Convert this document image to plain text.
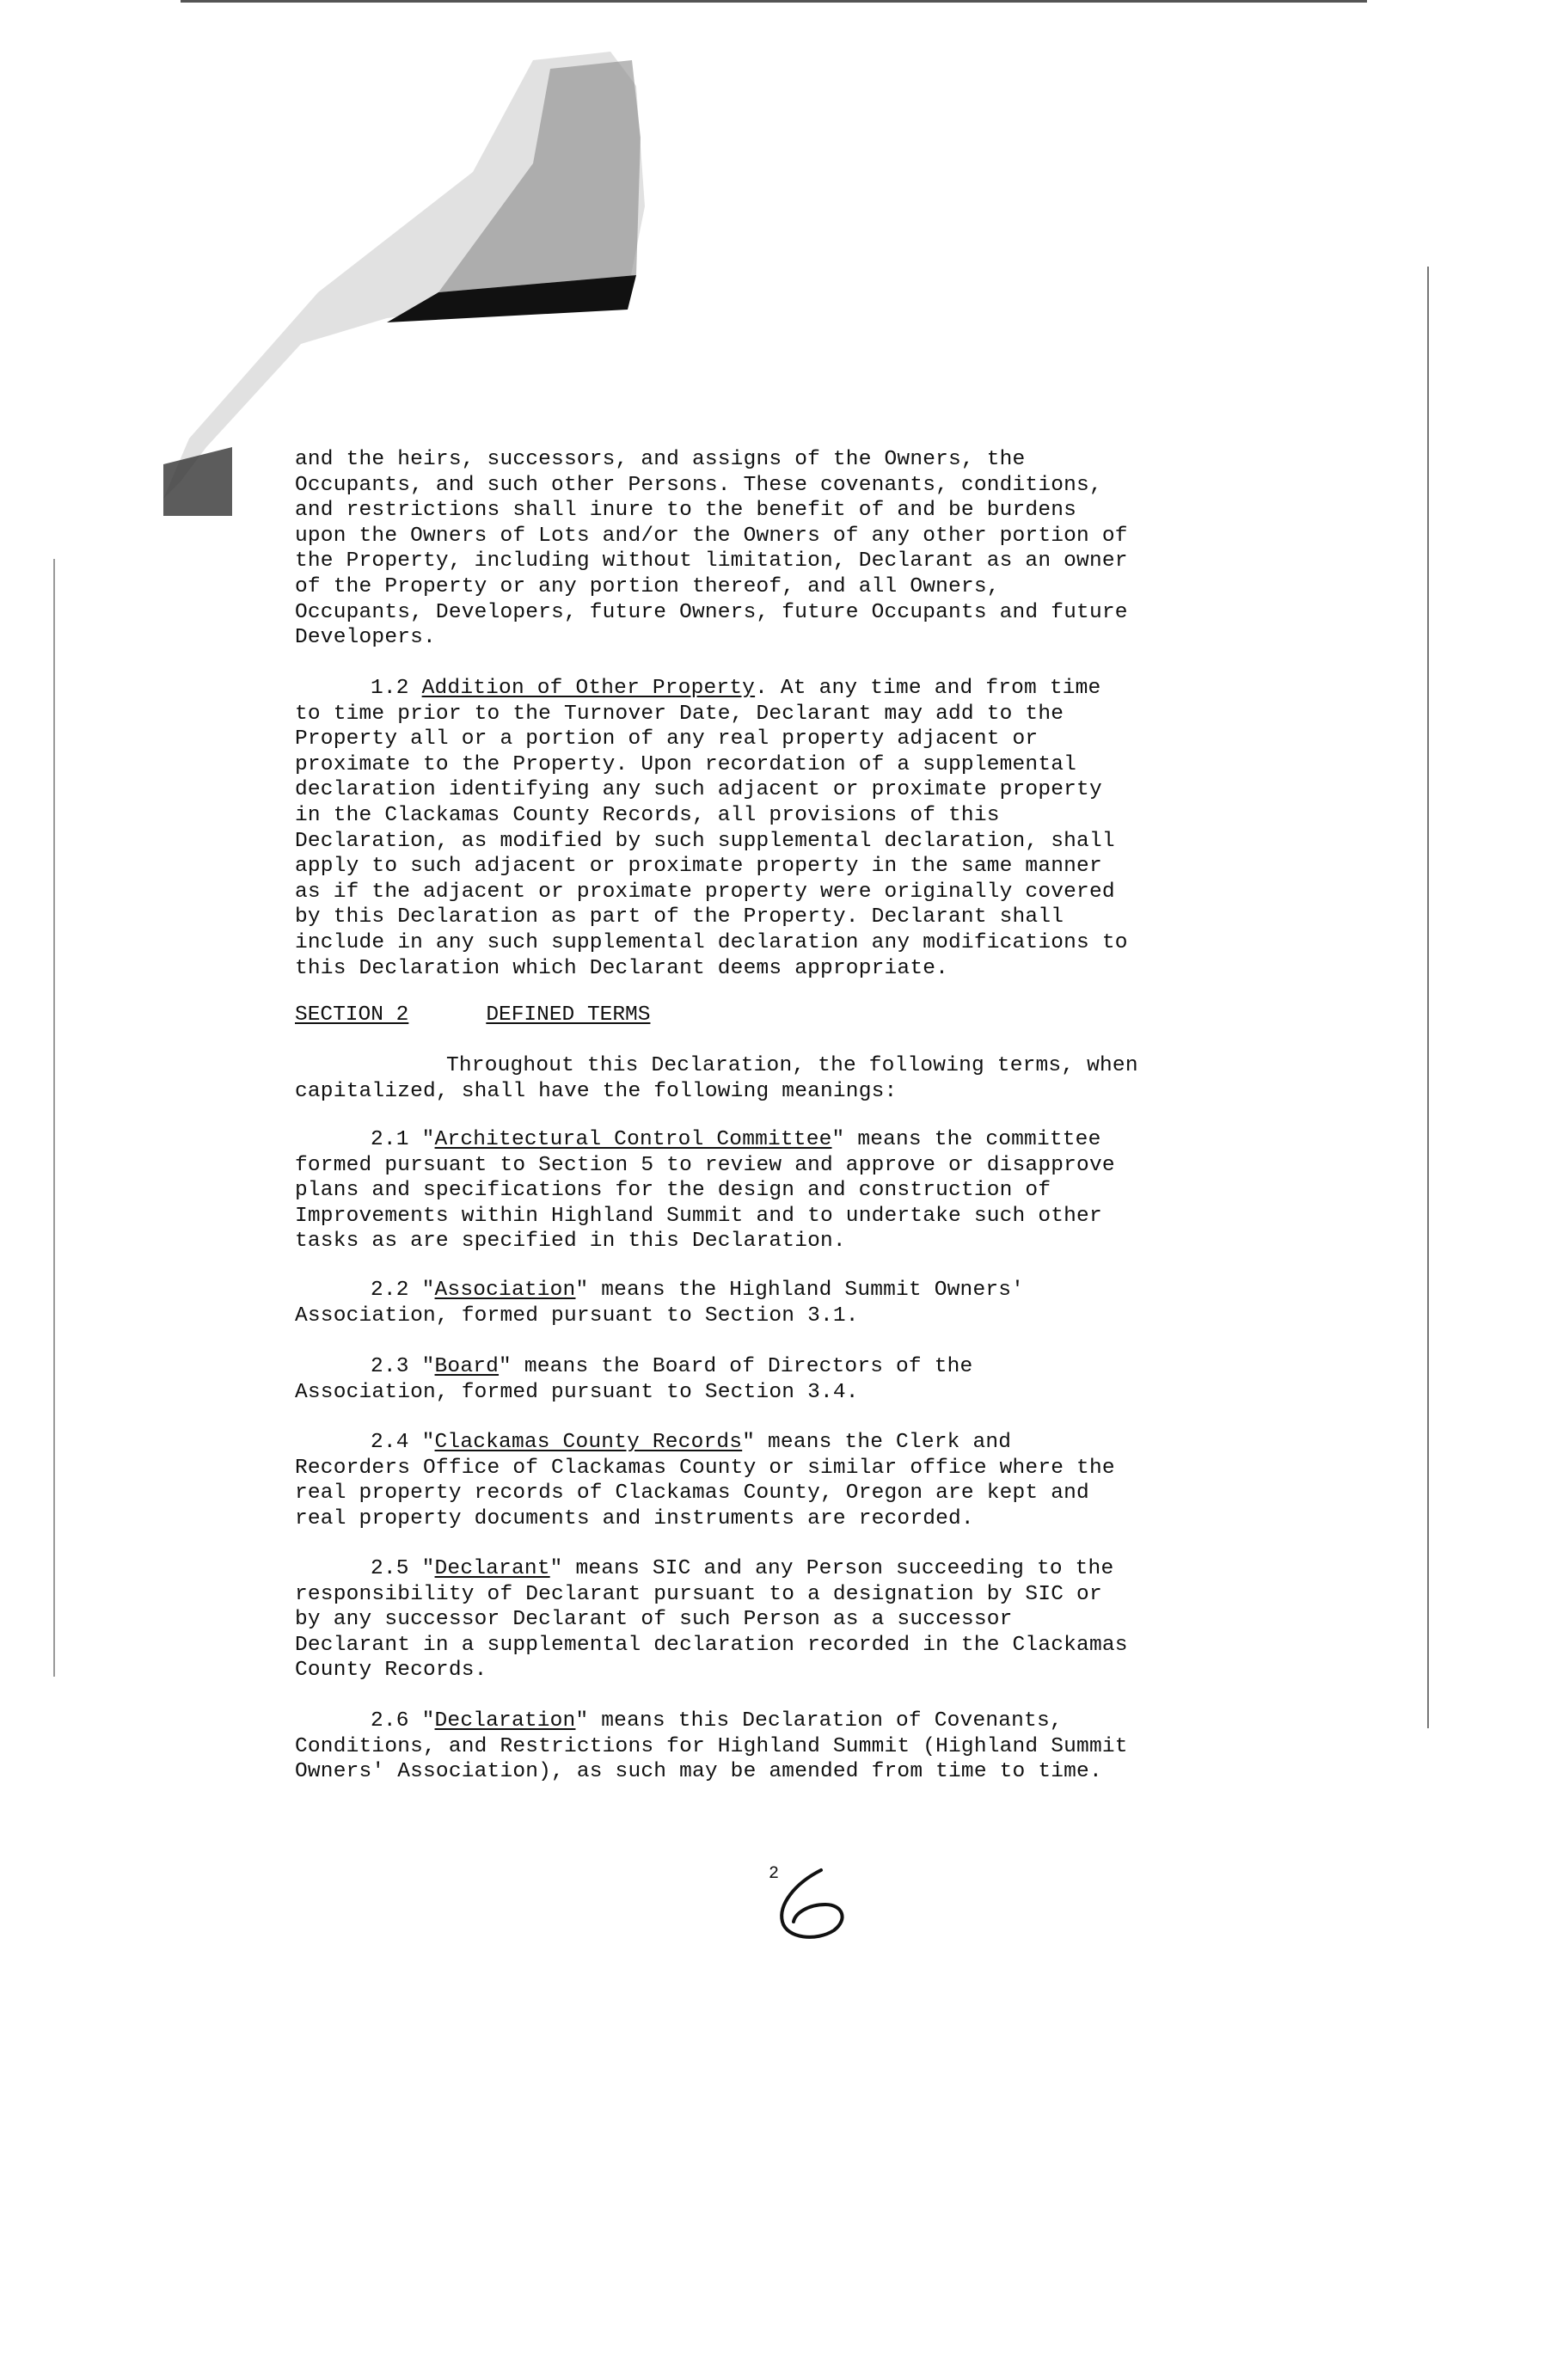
and the heirs, successors, and assigns of the Owners, the
Occupants, and such other Persons. These covenants, conditions,
and restrictions shall inure to the benefit of and be burdens
upon the Owners of Lots and/or the Owners of any other portion of
the Property, including without limitation, Declarant as an owner
of the Property or any portion thereof, and all Owners,
Occupants, Developers, future Owners, future Occupants and future
Developers.
1.2 Addition of Other Property. At any time and from time
to time prior to the Turnover Date, Declarant may add to the
Property all or a portion of any real property adjacent or
proximate to the Property. Upon recordation of a supplemental
declaration identifying any such adjacent or proximate property
in the Clackamas County Records, all provisions of this
Declaration, as modified by such supplemental declaration, shall
apply to such adjacent or proximate property in the same manner
as if the adjacent or proximate property were originally covered
by this Declaration as part of the Property. Declarant shall
include in any such supplemental declaration any modifications to
this Declaration which Declarant deems appropriate.
SECTION 2	DEFINED TERMS
Throughout this Declaration, the following terms, when
capitalized, shall have the following meanings:
2.1 "Architectural Control Committee" means the committee
formed pursuant to Section 5 to review and approve or disapprove
plans and specifications for the design and construction of
Improvements within Highland Summit and to undertake such other
tasks as are specified in this Declaration.
2.2 "Association" means the Highland Summit Owners'
Association, formed pursuant to Section 3.1.
2.3 "Board" means the Board of Directors of the
Association, formed pursuant to Section 3.4.
2.4 "Clackamas County Records" means the Clerk and
Recorders Office of Clackamas County or similar office where the
real property records of Clackamas County, Oregon are kept and
real property documents and instruments are recorded.
2.5 "Declarant" means SIC and any Person succeeding to the
responsibility of Declarant pursuant to a designation by SIC or
by any successor Declarant of such Person as a successor
Declarant in a supplemental declaration recorded in the Clackamas
County Records.
2.6 "Declaration" means this Declaration of Covenants,
Conditions, and Restrictions for Highland Summit (Highland Summit
Owners' Association), as such may be amended from time to time.
2
